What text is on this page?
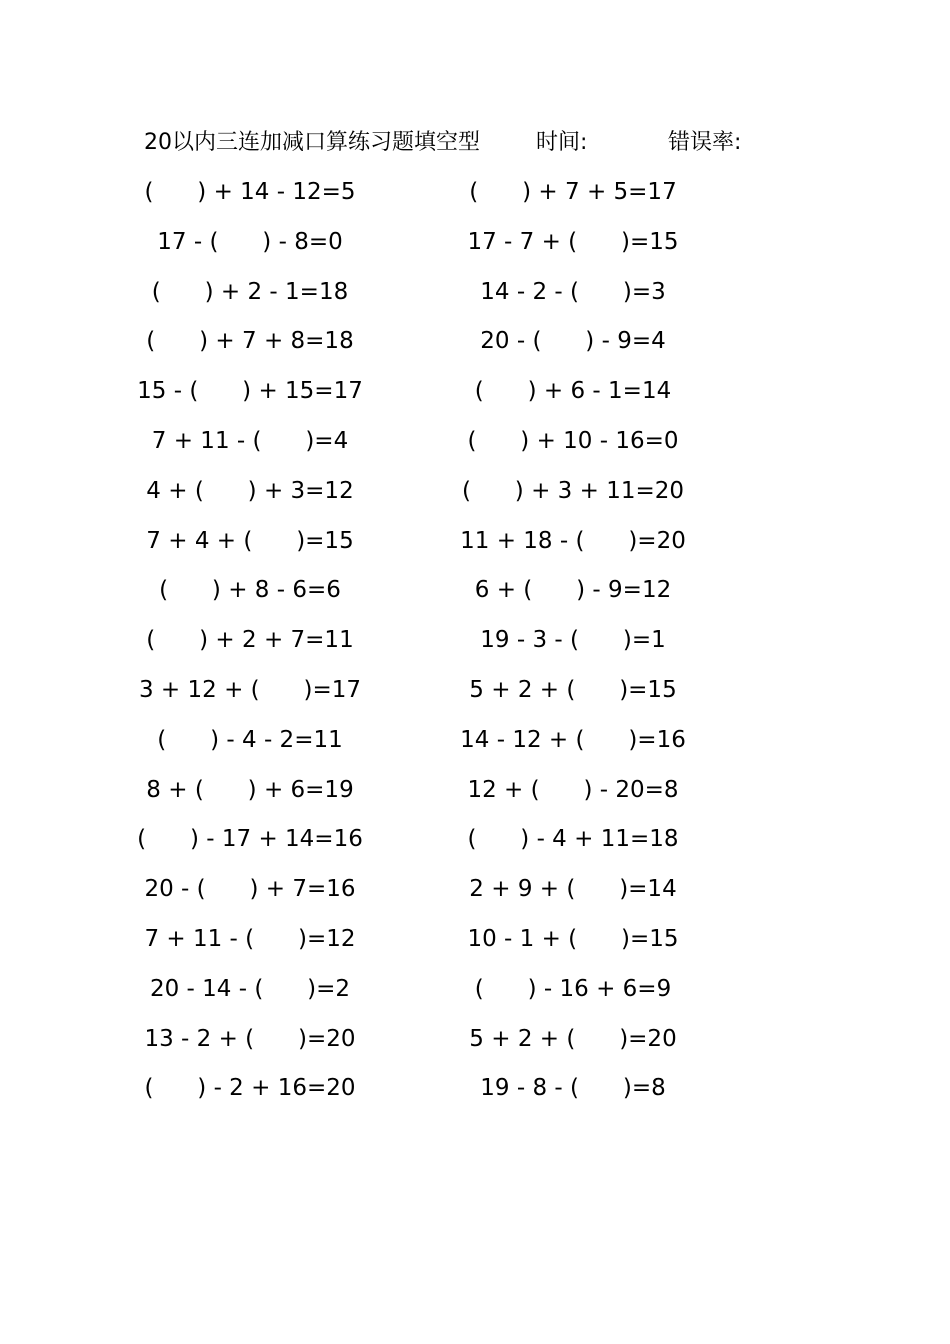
20以内三连加减口算练习题填空型	时间:	错误率:
(      ) + 14 - 12=5	(      ) + 7 + 5=17
17 - (      ) - 8=0	17 - 7 + (      )=15
(      ) + 2 - 1=18	14 - 2 - (      )=3
(      ) + 7 + 8=18	20 - (      ) - 9=4
15 - (      ) + 15=17	(      ) + 6 - 1=14
7 + 11 - (      )=4	(      ) + 10 - 16=0
4 + (      ) + 3=12	(      ) + 3 + 11=20
7 + 4 + (      )=15	11 + 18 - (      )=20
(      ) + 8 - 6=6	6 + (      ) - 9=12
(      ) + 2 + 7=11	19 - 3 - (      )=1
3 + 12 + (      )=17	5 + 2 + (      )=15
(      ) - 4 - 2=11	14 - 12 + (      )=16
8 + (      ) + 6=19	12 + (      ) - 20=8
(      ) - 17 + 14=16	(      ) - 4 + 11=18
20 - (      ) + 7=16	2 + 9 + (      )=14
7 + 11 - (      )=12	10 - 1 + (      )=15
20 - 14 - (      )=2	(      ) - 16 + 6=9
13 - 2 + (      )=20	5 + 2 + (      )=20
(      ) - 2 + 16=20	19 - 8 - (      )=8
